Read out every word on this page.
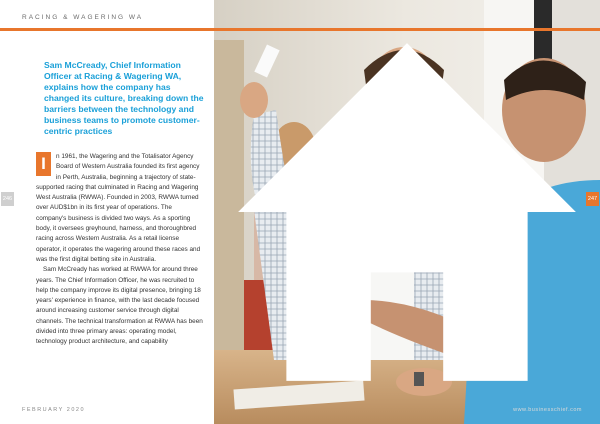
RACING & WAGERING WA
Sam McCready, Chief Information Officer at Racing & Wagering WA, explains how the company has changed its culture, breaking down the barriers between the technology and business teams to promote customer-centric practices

n 1961, the Wagering and the Totalisator Agency Board of Western Australia founded its first agency in Perth, Australia, beginning a trajectory of state-supported racing that culminated in Racing and Wagering West Australia (RWWA). Founded in 2003, RWWA turned over AUD$1bn in its first year of operations. The company's business is divided two ways. As a sporting body, it oversees greyhound, harness, and thoroughbred racing across Western Australia. As a retail license operator, it operates the wagering around these races and was the first digital betting site in Australia.

Sam McCready has worked at RWWA for around three years. The Chief Information Officer, he was recruited to help the company improve its digital presence, bringing 18 years' experience in finance, with the last decade focused around increasing customer service through digital channels. The technical transformation at RWWA has been divided into three primary areas: operating model, technology product architecture, and capability

I
FEBRUARY 2020	www.businesschief.com
246	247
